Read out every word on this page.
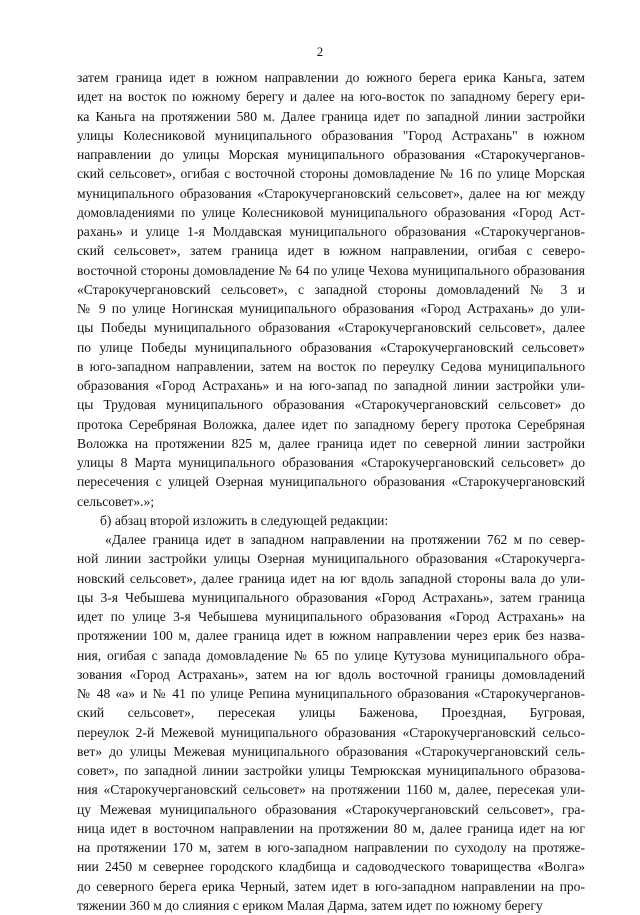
2
затем граница идет в южном направлении до южного берега ерика Каньга, затем
идет на восток по южному берегу и далее на юго-восток по западному берегу ери-
ка Каньга на протяжении 580 м. Далее граница идет по западной линии застройки
улицы Колесниковой муниципального образования "Город Астрахань" в южном
направлении до улицы Морская муниципального образования «Старокучерганов-
ский сельсовет», огибая с восточной стороны домовладение № 16 по улице Морская
муниципального образования «Старокучергановский сельсовет», далее на юг между
домовладениями по улице Колесниковой муниципального образования «Город Аст-
рахань» и улице 1-я Молдавская муниципального образования «Старокучерганов-
ский сельсовет», затем граница идет в южном направлении, огибая с северо-
восточной стороны домовладение № 64 по улице Чехова муниципального образования
«Старокучергановский сельсовет», с западной стороны домовладений № 3 и
№ 9 по улице Ногинская муниципального образования «Город Астрахань» до ули-
цы Победы муниципального образования «Старокучергановский сельсовет», далее
по улице Победы муниципального образования «Старокучергановский сельсовет»
в юго-западном направлении, затем на восток по переулку Седова муниципального
образования «Город Астрахань» и на юго-запад по западной линии застройки ули-
цы Трудовая муниципального образования «Старокучергановский сельсовет» до
протока Серебряная Воложка, далее идет по западному берегу протока Серебряная
Воложка на протяжении 825 м, далее граница идет по северной линии застройки
улицы 8 Марта муниципального образования «Старокучергановский сельсовет» до
пересечения с улицей Озерная муниципального образования «Старокучергановский
сельсовет».»;
б) абзац второй изложить в следующей редакции:
«Далее граница идет в западном направлении на протяжении 762 м по север-
ной линии застройки улицы Озерная муниципального образования «Старокучерга-
новский сельсовет», далее граница идет на юг вдоль западной стороны вала до ули-
цы 3-я Чебышева муниципального образования «Город Астрахань», затем граница
идет по улице 3-я Чебышева муниципального образования «Город Астрахань» на
протяжении 100 м, далее граница идет в южном направлении через ерик без назва-
ния, огибая с запада домовладение № 65 по улице Кутузова муниципального обра-
зования «Город Астрахань», затем на юг вдоль восточной границы домовладений
№ 48 «а» и № 41 по улице Репина муниципального образования «Старокучерганов-
ский сельсовет», пересекая улицы Баженова, Проездная, Бугровая,
переулок 2-й Межевой муниципального образования «Старокучергановский сельсо-
вет» до улицы Межевая муниципального образования «Старокучергановский сель-
совет», по западной линии застройки улицы Темрюкская муниципального образова-
ния «Старокучергановский сельсовет» на протяжении 1160 м, далее, пересекая ули-
цу Межевая муниципального образования «Старокучергановский сельсовет», гра-
ница идет в восточном направлении на протяжении 80 м, далее граница идет на юг
на протяжении 170 м, затем в юго-западном направлении по суходолу на протяже-
нии 2450 м севернее городского кладбища и садоводческого товарищества «Волга»
до северного берега ерика Черный, затем идет в юго-западном направлении на про-
тяжении 360 м до слияния с ериком Малая Дарма, затем идет по южному берегу
